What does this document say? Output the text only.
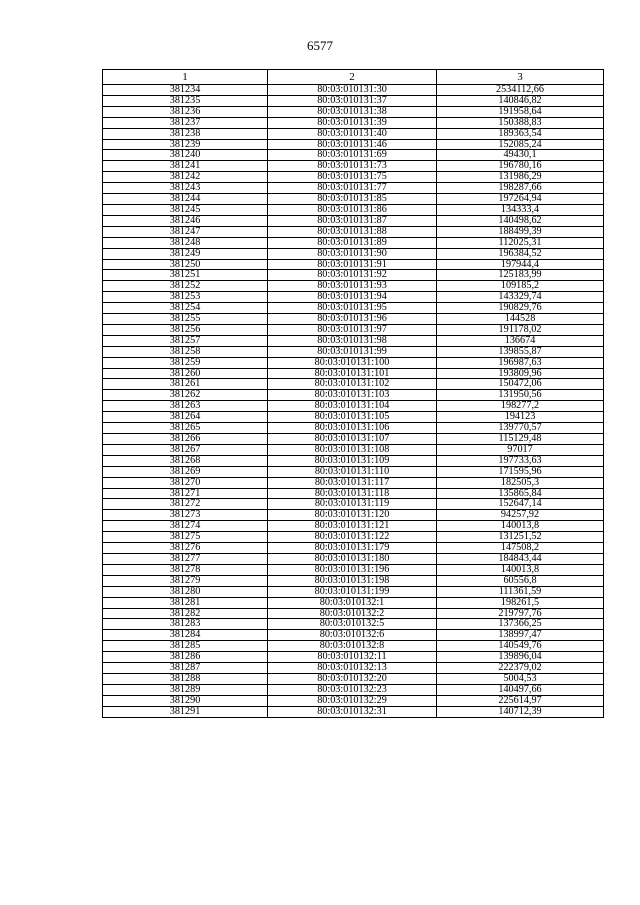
6577
1	2	3
381234	80:03:010131:30	2534112,66
381235	80:03:010131:37	140846,82
381236	80:03:010131:38	191958,64
381237	80:03:010131:39	150388,83
381238	80:03:010131:40	189363,54
381239	80:03:010131:46	152085,24
381240	80:03:010131:69	49430,1
381241	80:03:010131:73	196780,16
381242	80:03:010131:75	131986,29
381243	80:03:010131:77	198287,66
381244	80:03:010131:85	197264,94
381245	80:03:010131:86	134333,4
381246	80:03:010131:87	140498,62
381247	80:03:010131:88	188499,39
381248	80:03:010131:89	112025,31
381249	80:03:010131:90	196384,52
381250	80:03:010131:91	197944,4
381251	80:03:010131:92	125183,99
381252	80:03:010131:93	109185,2
381253	80:03:010131:94	143329,74
381254	80:03:010131:95	190829,76
381255	80:03:010131:96	144528
381256	80:03:010131:97	191178,02
381257	80:03:010131:98	136674
381258	80:03:010131:99	139855,87
381259	80:03:010131:100	196987,63
381260	80:03:010131:101	193809,96
381261	80:03:010131:102	150472,06
381262	80:03:010131:103	131950,56
381263	80:03:010131:104	198277,2
381264	80:03:010131:105	194123
381265	80:03:010131:106	139770,57
381266	80:03:010131:107	115129,48
381267	80:03:010131:108	97017
381268	80:03:010131:109	197733,63
381269	80:03:010131:110	171595,96
381270	80:03:010131:117	182505,3
381271	80:03:010131:118	135865,84
381272	80:03:010131:119	152647,14
381273	80:03:010131:120	94257,92
381274	80:03:010131:121	140013,8
381275	80:03:010131:122	131251,52
381276	80:03:010131:179	147508,2
381277	80:03:010131:180	184843,44
381278	80:03:010131:196	140013,8
381279	80:03:010131:198	60556,8
381280	80:03:010131:199	111361,59
381281	80:03:010132:1	198261,5
381282	80:03:010132:2	219797,76
381283	80:03:010132:5	137366,25
381284	80:03:010132:6	138997,47
381285	80:03:010132:8	140549,76
381286	80:03:010132:11	139896,04
381287	80:03:010132:13	222379,02
381288	80:03:010132:20	5004,53
381289	80:03:010132:23	140497,66
381290	80:03:010132:29	225614,97
381291	80:03:010132:31	140712,39
